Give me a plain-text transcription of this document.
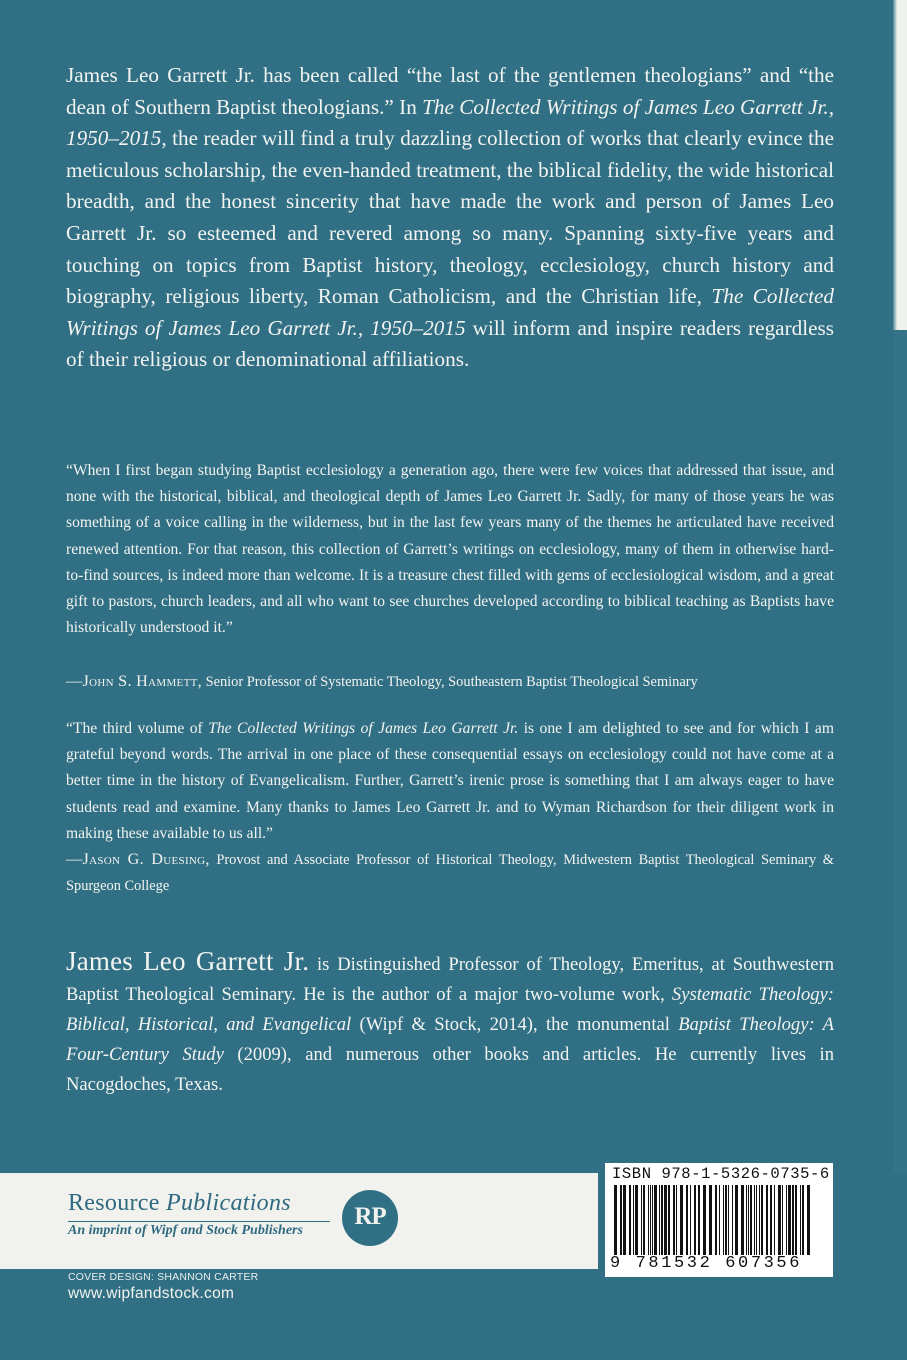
James Leo Garrett Jr. has been called “the last of the gentlemen theologians” and “the dean of Southern Baptist theologians.” In The Collected Writings of James Leo Garrett Jr., 1950–2015, the reader will find a truly dazzling collection of works that clearly evince the meticulous scholarship, the even-handed treatment, the biblical fidelity, the wide historical breadth, and the honest sincerity that have made the work and person of James Leo Garrett Jr. so esteemed and revered among so many. Spanning sixty-five years and touching on topics from Baptist history, theology, ecclesiology, church history and biography, religious liberty, Roman Catholicism, and the Christian life, The Collected Writings of James Leo Garrett Jr., 1950–2015 will inform and inspire readers regardless of their religious or denominational affiliations.

“When I first began studying Baptist ecclesiology a generation ago, there were few voices that addressed that issue, and none with the historical, biblical, and theological depth of James Leo Garrett Jr. Sadly, for many of those years he was something of a voice calling in the wilderness, but in the last few years many of the themes he articulated have received renewed attention. For that reason, this collection of Garrett’s writings on ecclesiology, many of them in otherwise hard-to-find sources, is indeed more than welcome. It is a treasure chest filled with gems of ecclesiological wisdom, and a great gift to pastors, church leaders, and all who want to see churches developed according to biblical teaching as Baptists have historically understood it.”

—John S. Hammett, Senior Professor of Systematic Theology, Southeastern Baptist Theological Seminary

“The third volume of The Collected Writings of James Leo Garrett Jr. is one I am delighted to see and for which I am grateful beyond words. The arrival in one place of these consequential essays on ecclesiology could not have come at a better time in the history of Evangelicalism. Further, Garrett’s irenic prose is something that I am always eager to have students read and examine. Many thanks to James Leo Garrett Jr. and to Wyman Richardson for their diligent work in making these available to us all.”

—Jason G. Duesing, Provost and Associate Professor of Historical Theology, Midwestern Baptist Theological Seminary & Spurgeon College

James Leo Garrett Jr. is Distinguished Professor of Theology, Emeritus, at Southwestern Baptist Theological Seminary. He is the author of a major two-volume work, Systematic Theology: Biblical, Historical, and Evangelical (Wipf & Stock, 2014), the monumental Baptist Theology: A Four-Century Study (2009), and numerous other books and articles. He currently lives in Nacogdoches, Texas.

Resource Publications
An imprint of Wipf and Stock Publishers
RP
COVER DESIGN: SHANNON CARTER
www.wipfandstock.com
ISBN 978-1-5326-0735-6
9 781532 607356
